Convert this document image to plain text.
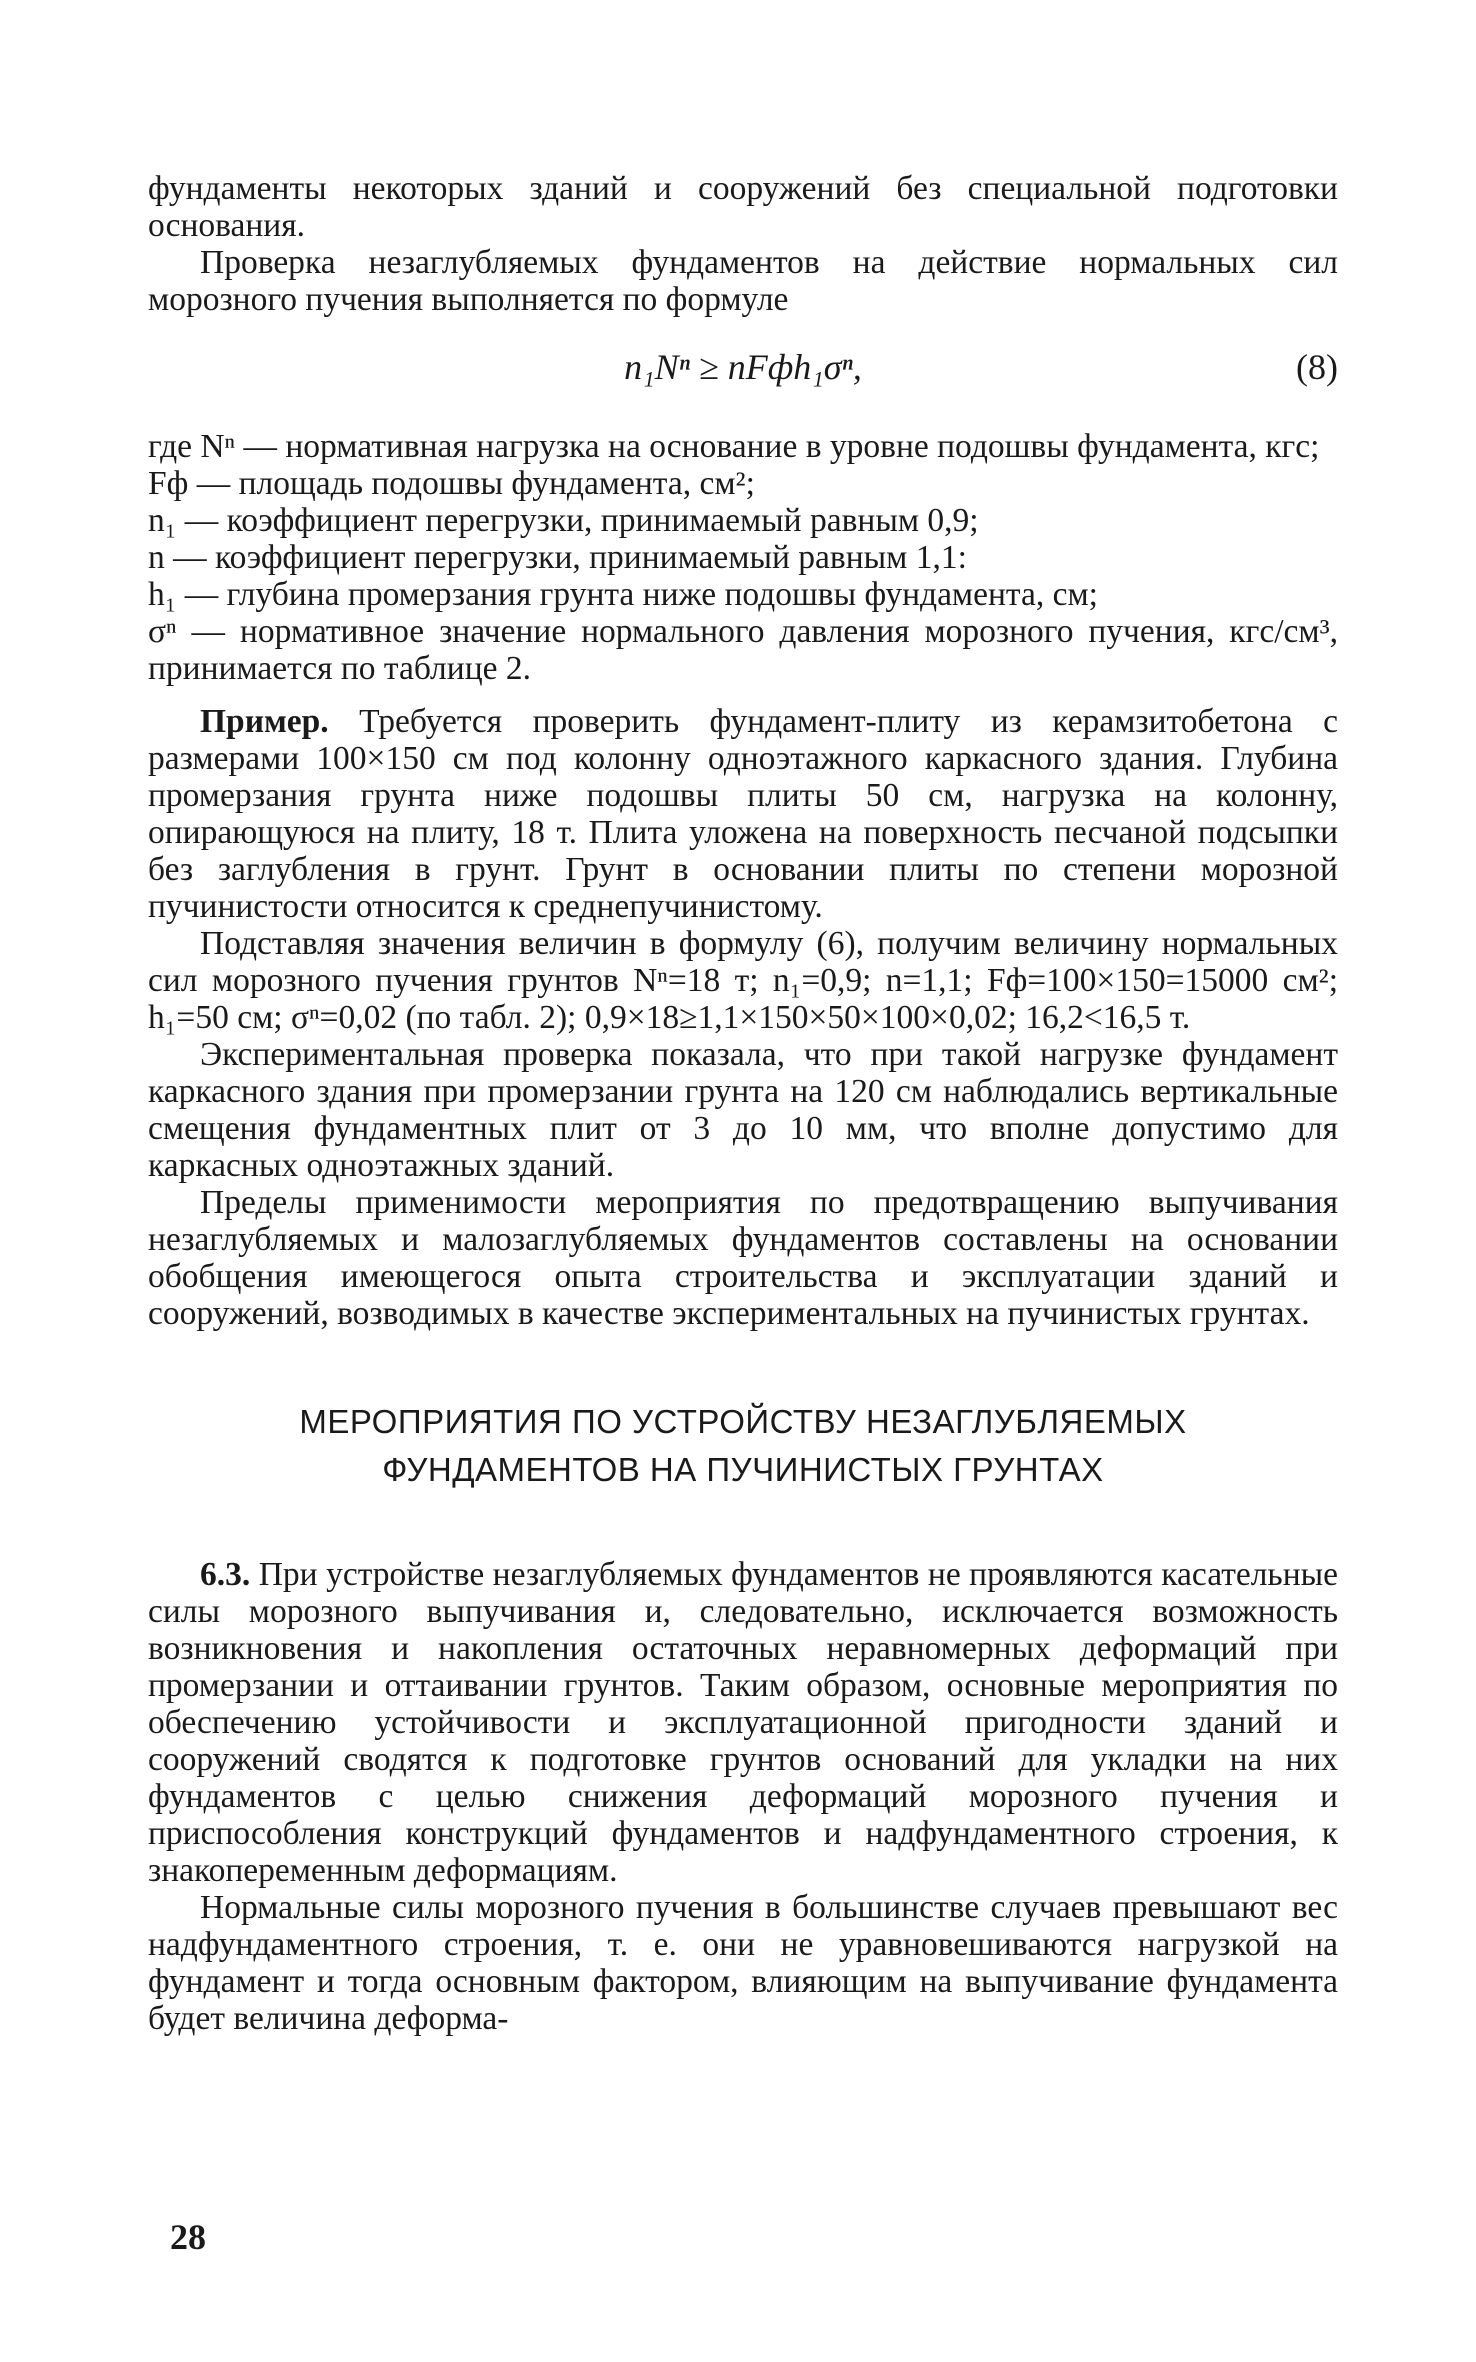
фундаменты некоторых зданий и сооружений без специальной подготовки основания.

Проверка незаглубляемых фундаментов на действие нормальных сил морозного пучения выполняется по формуле

n₁Nⁿ ≥ nFфh₁σⁿ,	(8)

где Nⁿ — нормативная нагрузка на основание в уровне подошвы фундамента, кгс;

Fф — площадь подошвы фундамента, см²;

n₁ — коэффициент перегрузки, принимаемый равным 0,9;

n — коэффициент перегрузки, принимаемый равным 1,1:

h₁ — глубина промерзания грунта ниже подошвы фундамента, см;

σⁿ — нормативное значение нормального давления морозного пучения, кгс/см³, принимается по таблице 2.

Пример. Требуется проверить фундамент-плиту из керамзитобетона с размерами 100×150 см под колонну одноэтажного каркасного здания. Глубина промерзания грунта ниже подошвы плиты 50 см, нагрузка на колонну, опирающуюся на плиту, 18 т. Плита уложена на поверхность песчаной подсыпки без заглубления в грунт. Грунт в основании плиты по степени морозной пучинистости относится к среднепучинистому.

Подставляя значения величин в формулу (6), получим величину нормальных сил морозного пучения грунтов Nⁿ=18 т; n₁=0,9; n=1,1; Fф=100×150=15000 см²; h₁=50 см; σⁿ=0,02 (по табл. 2); 0,9×18≥1,1×150×50×100×0,02; 16,2<16,5 т.

Экспериментальная проверка показала, что при такой нагрузке фундамент каркасного здания при промерзании грунта на 120 см наблюдались вертикальные смещения фундаментных плит от 3 до 10 мм, что вполне допустимо для каркасных одноэтажных зданий.

Пределы применимости мероприятия по предотвращению выпучивания незаглубляемых и малозаглубляемых фундаментов составлены на основании обобщения имеющегося опыта строительства и эксплуатации зданий и сооружений, возводимых в качестве экспериментальных на пучинистых грунтах.

МЕРОПРИЯТИЯ ПО УСТРОЙСТВУ НЕЗАГЛУБЛЯЕМЫХ
ФУНДАМЕНТОВ НА ПУЧИНИСТЫХ ГРУНТАХ

6.3. При устройстве незаглубляемых фундаментов не проявляются касательные силы морозного выпучивания и, следовательно, исключается возможность возникновения и накопления остаточных неравномерных деформаций при промерзании и оттаивании грунтов. Таким образом, основные мероприятия по обеспечению устойчивости и эксплуатационной пригодности зданий и сооружений сводятся к подготовке грунтов оснований для укладки на них фундаментов с целью снижения деформаций морозного пучения и приспособления конструкций фундаментов и надфундаментного строения, к знакопеременным деформациям.

Нормальные силы морозного пучения в большинстве случаев превышают вес надфундаментного строения, т. е. они не уравновешиваются нагрузкой на фундамент и тогда основным фактором, влияющим на выпучивание фундамента будет величина деформа-

28
